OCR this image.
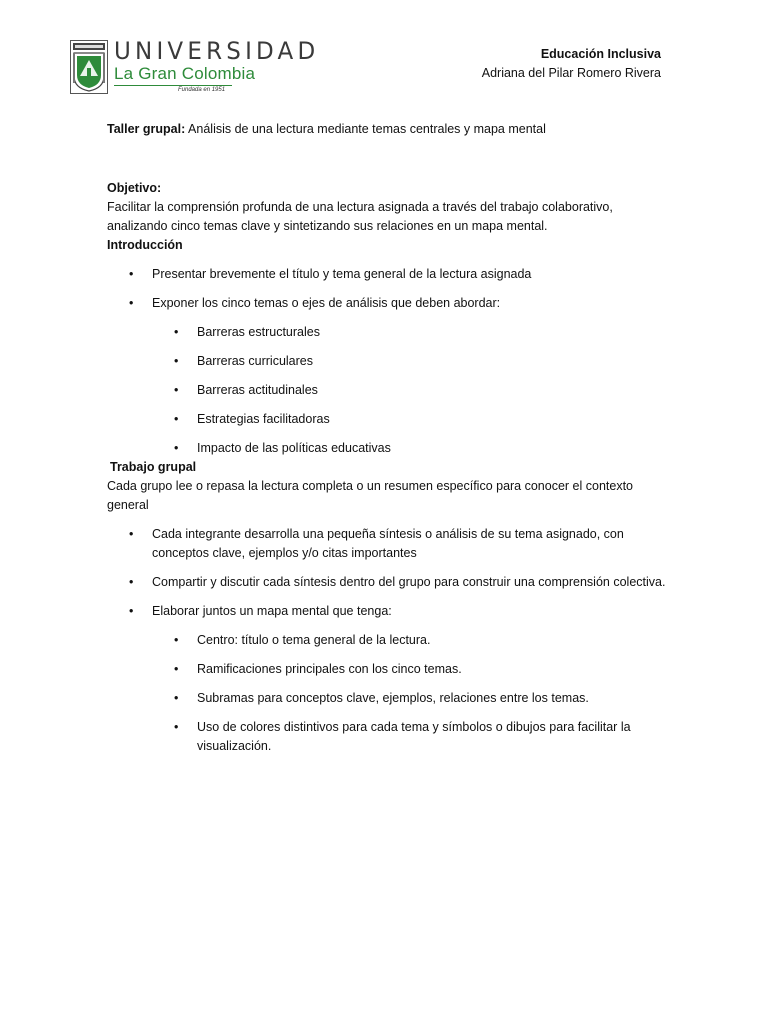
UNIVERSIDAD
La Gran Colombia
Fundada en 1951
Educación Inclusiva
Adriana del Pilar Romero Rivera

Taller grupal: Análisis de una lectura mediante temas centrales y mapa mental

Objetivo:

Facilitar la comprensión profunda de una lectura asignada a través del trabajo colaborativo, analizando cinco temas clave y sintetizando sus relaciones en un mapa mental.

Introducción

• Presentar brevemente el título y tema general de la lectura asignada
• Exponer los cinco temas o ejes de análisis que deben abordar:
• Barreras estructurales
• Barreras curriculares
• Barreras actitudinales
• Estrategias facilitadoras
• Impacto de las políticas educativas

Trabajo grupal

Cada grupo lee o repasa la lectura completa o un resumen específico para conocer el contexto general

• Cada integrante desarrolla una pequeña síntesis o análisis de su tema asignado, con conceptos clave, ejemplos y/o citas importantes
• Compartir y discutir cada síntesis dentro del grupo para construir una comprensión colectiva.
• Elaborar juntos un mapa mental que tenga:
• Centro: título o tema general de la lectura.
• Ramificaciones principales con los cinco temas.
• Subramas para conceptos clave, ejemplos, relaciones entre los temas.
• Uso de colores distintivos para cada tema y símbolos o dibujos para facilitar la visualización.
